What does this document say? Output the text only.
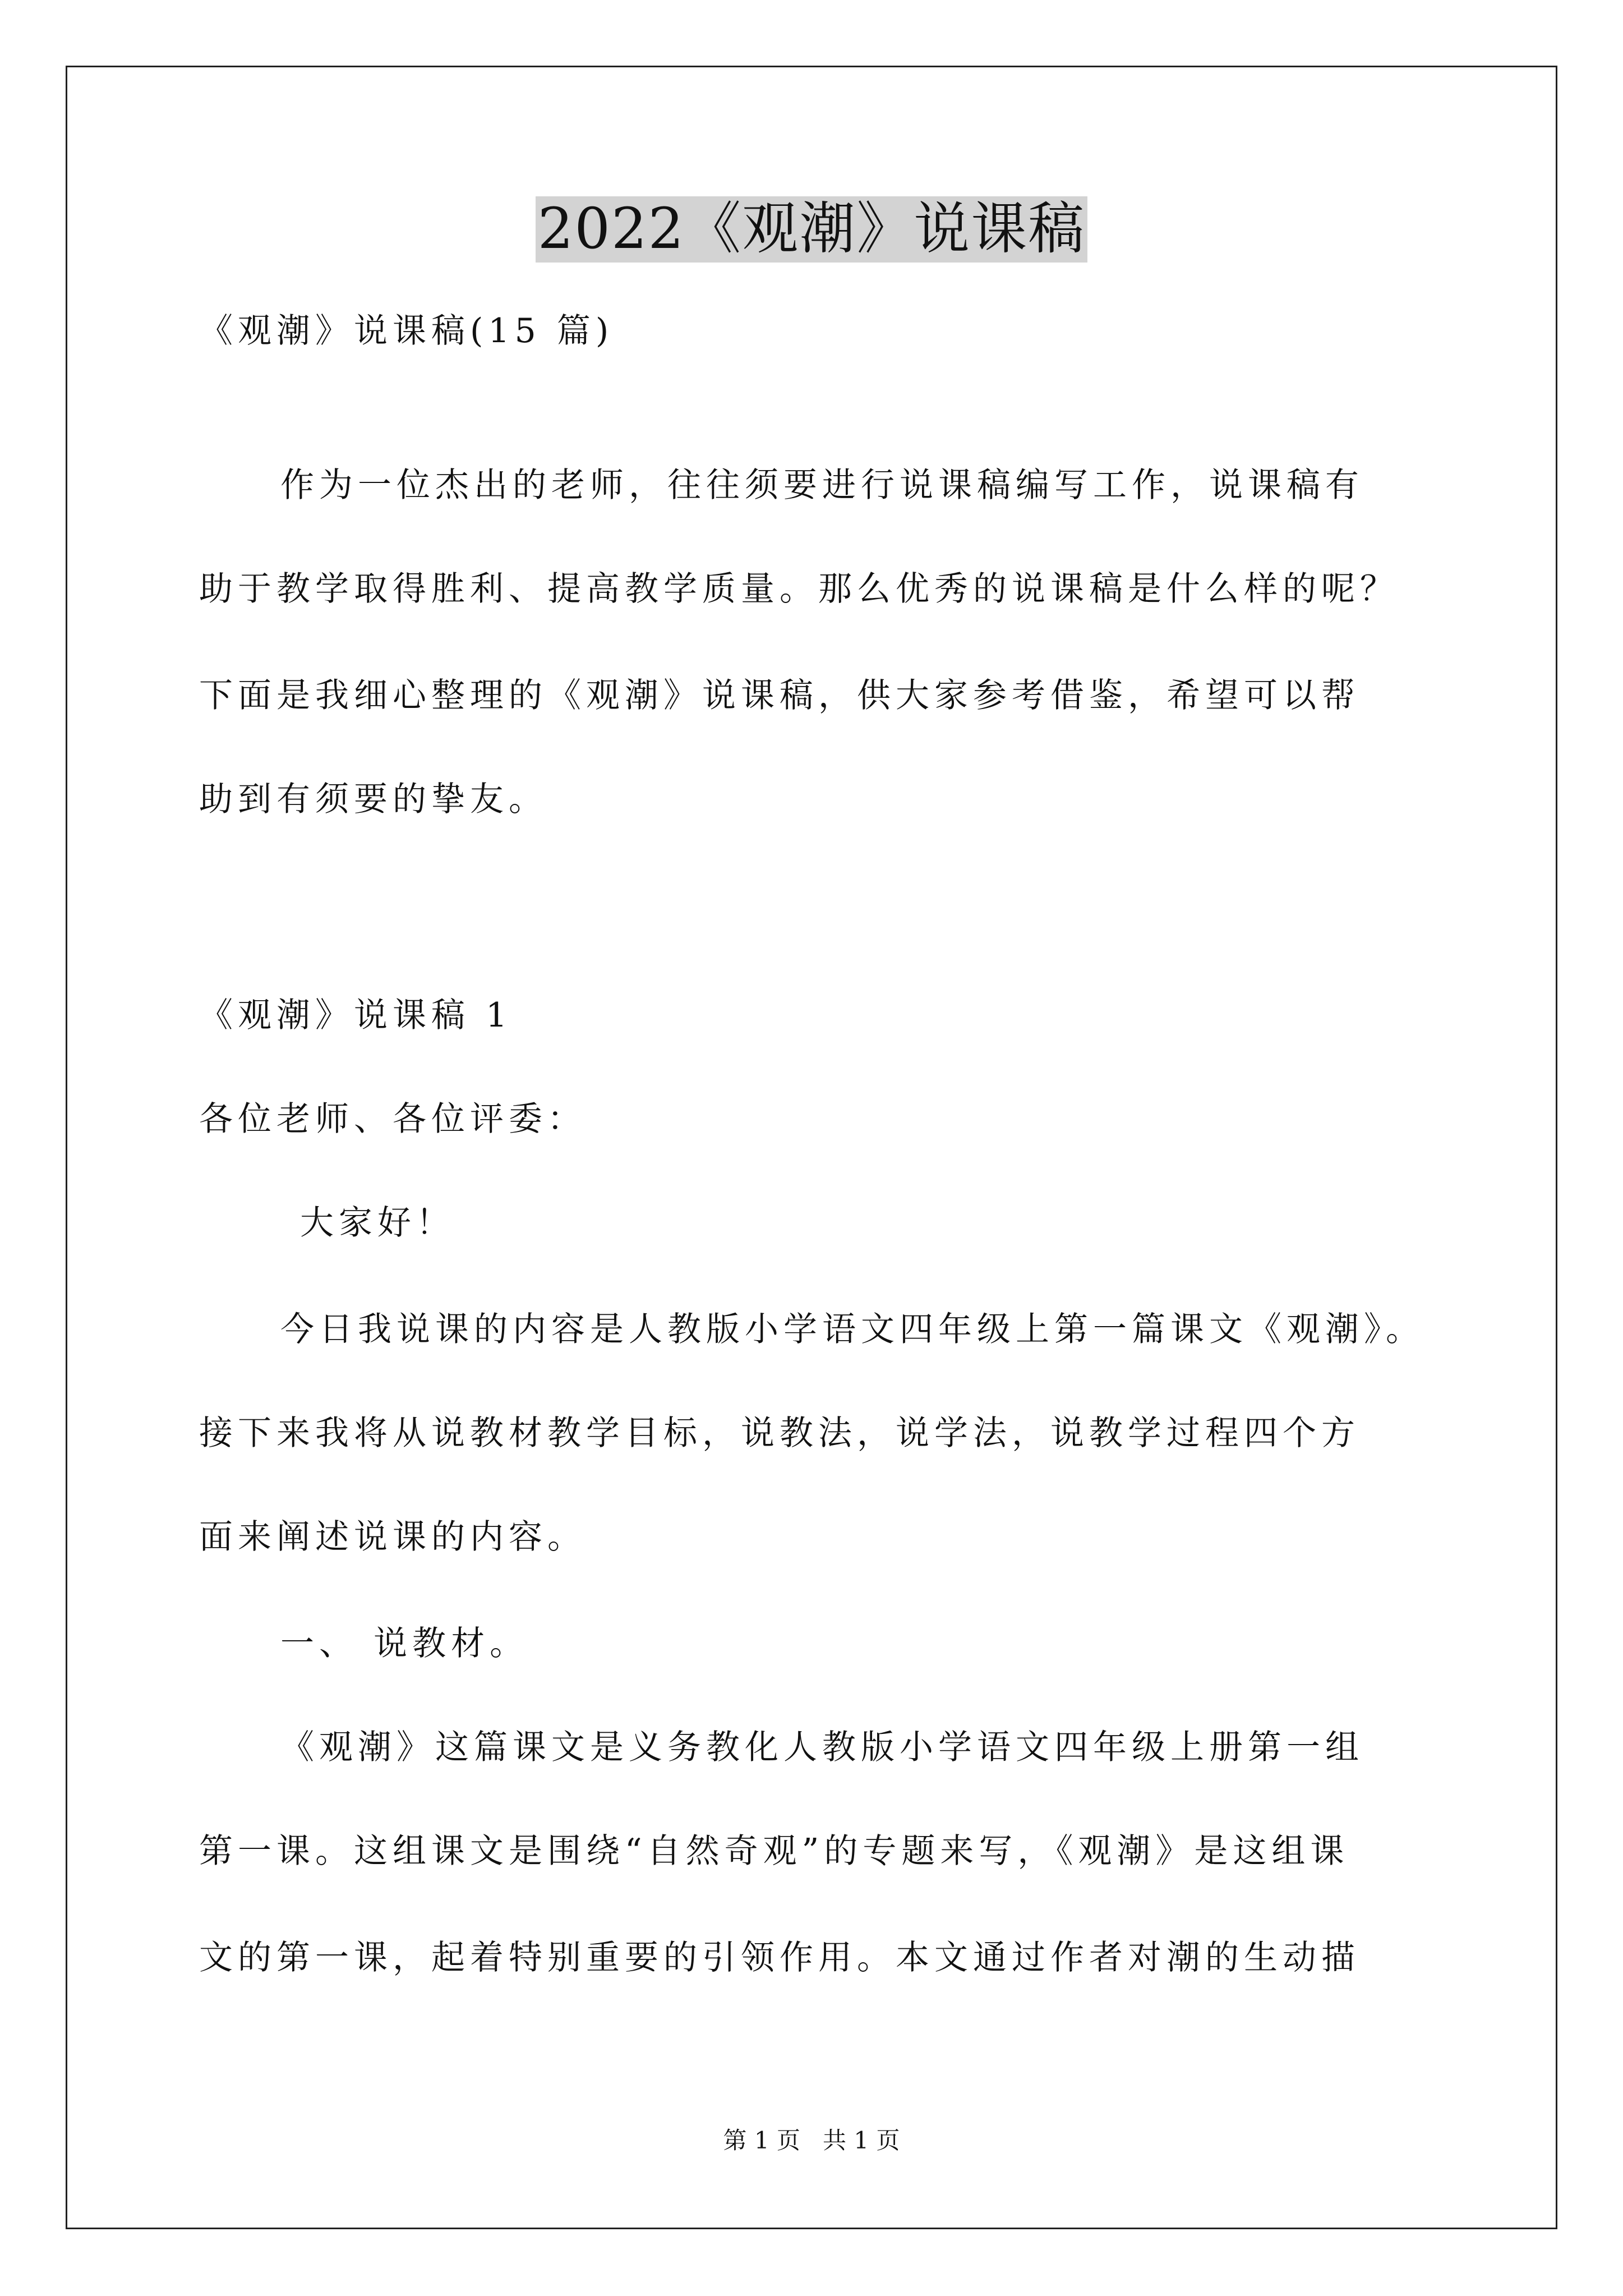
2022《观潮》说课稿

《观潮》说课稿(15 篇)

作为一位杰出的老师，往往须要进行说课稿编写工作，说课稿有

助于教学取得胜利、提高教学质量。那么优秀的说课稿是什么样的呢？

下面是我细心整理的《观潮》说课稿，供大家参考借鉴，希望可以帮

助到有须要的挚友。

《观潮》说课稿 1

各位老师、各位评委：

大家好！

今日我说课的内容是人教版小学语文四年级上第一篇课文《观潮》。

接下来我将从说教材教学目标，说教法，说学法，说教学过程四个方

面来阐述说课的内容。

一、 说教材。

《观潮》这篇课文是义务教化人教版小学语文四年级上册第一组

第一课。这组课文是围绕“自然奇观”的专题来写，《观潮》是这组课

文的第一课，起着特别重要的引领作用。本文通过作者对潮的生动描

第 1 页   共 1 页
